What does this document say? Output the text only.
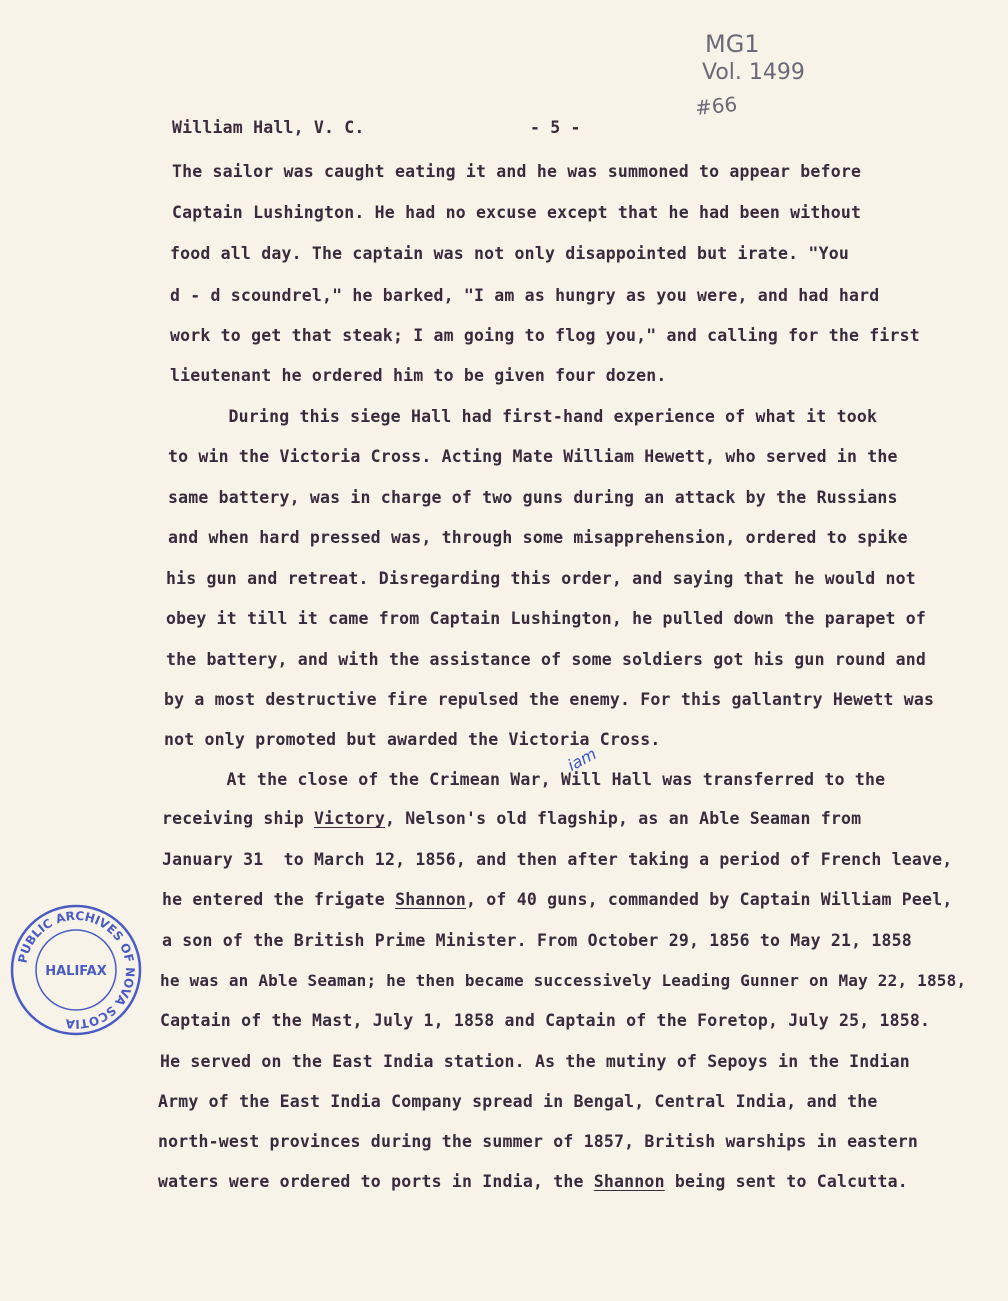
MG1
Vol. 1499
#66
William Hall, V. C.	- 5 -
The sailor was caught eating it and he was summoned to appear before
Captain Lushington. He had no excuse except that he had been without
food all day. The captain was not only disappointed but irate. "You
d - d scoundrel," he barked, "I am as hungry as you were, and had hard
work to get that steak; I am going to flog you," and calling for the first
lieutenant he ordered him to be given four dozen.
During this siege Hall had first-hand experience of what it took
to win the Victoria Cross. Acting Mate William Hewett, who served in the
same battery, was in charge of two guns during an attack by the Russians
and when hard pressed was, through some misapprehension, ordered to spike
his gun and retreat. Disregarding this order, and saying that he would not
obey it till it came from Captain Lushington, he pulled down the parapet of
the battery, and with the assistance of some soldiers got his gun round and
by a most destructive fire repulsed the enemy. For this gallantry Hewett was
not only promoted but awarded the Victoria Cross.
At the close of the Crimean War, Will Hall was transferred to the
receiving ship Victory, Nelson's old flagship, as an Able Seaman from
January 31  to March 12, 1856, and then after taking a period of French leave,
he entered the frigate Shannon, of 40 guns, commanded by Captain William Peel,
a son of the British Prime Minister. From October 29, 1856 to May 21, 1858
he was an Able Seaman; he then became successively Leading Gunner on May 22, 1858,
Captain of the Mast, July 1, 1858 and Captain of the Foretop, July 25, 1858.
He served on the East India station. As the mutiny of Sepoys in the Indian
Army of the East India Company spread in Bengal, Central India, and the
north-west provinces during the summer of 1857, British warships in eastern
waters were ordered to ports in India, the Shannon being sent to Calcutta.
iam
PUBLIC ARCHIVES OF NOVA SCOTIA
HALIFAX
